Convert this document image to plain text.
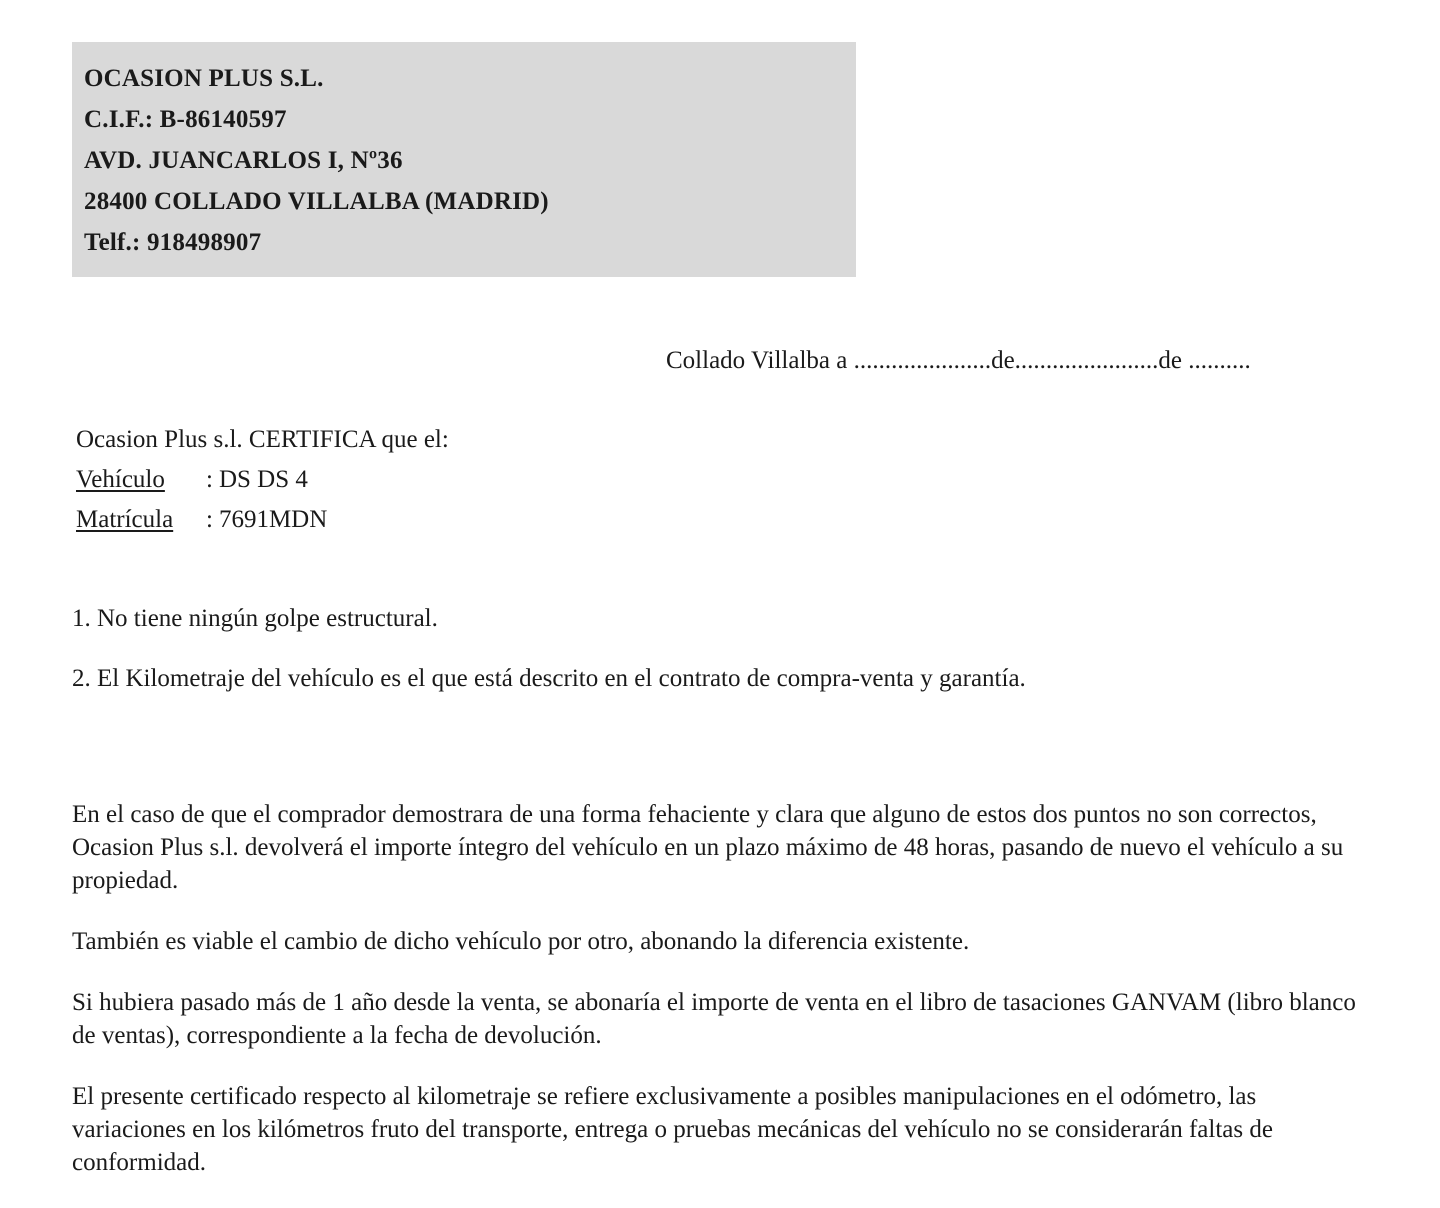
OCASION PLUS S.L.
C.I.F.: B-86140597
AVD. JUANCARLOS I, Nº36
28400 COLLADO VILLALBA (MADRID)
Telf.: 918498907
Collado Villalba a ......................de.......................de ..........
Ocasion Plus s.l. CERTIFICA que el:
Vehículo	: DS DS 4
Matrícula	: 7691MDN
1. No tiene ningún golpe estructural.
2. El Kilometraje del vehículo es el que está descrito en el contrato de compra-venta y garantía.

En el caso de que el comprador demostrara de una forma fehaciente y clara que alguno de estos dos puntos no son correctos, Ocasion Plus s.l. devolverá el importe íntegro del vehículo en un plazo máximo de 48 horas, pasando de nuevo el vehículo a su propiedad.

También es viable el cambio de dicho vehículo por otro, abonando la diferencia existente.

Si hubiera pasado más de 1 año desde la venta, se abonaría el importe de venta en el libro de tasaciones GANVAM (libro blanco de ventas), correspondiente a la fecha de devolución.

El presente certificado respecto al kilometraje se refiere exclusivamente a posibles manipulaciones en el odómetro, las variaciones en los kilómetros fruto del transporte, entrega o pruebas mecánicas del vehículo no se considerarán faltas de conformidad.
